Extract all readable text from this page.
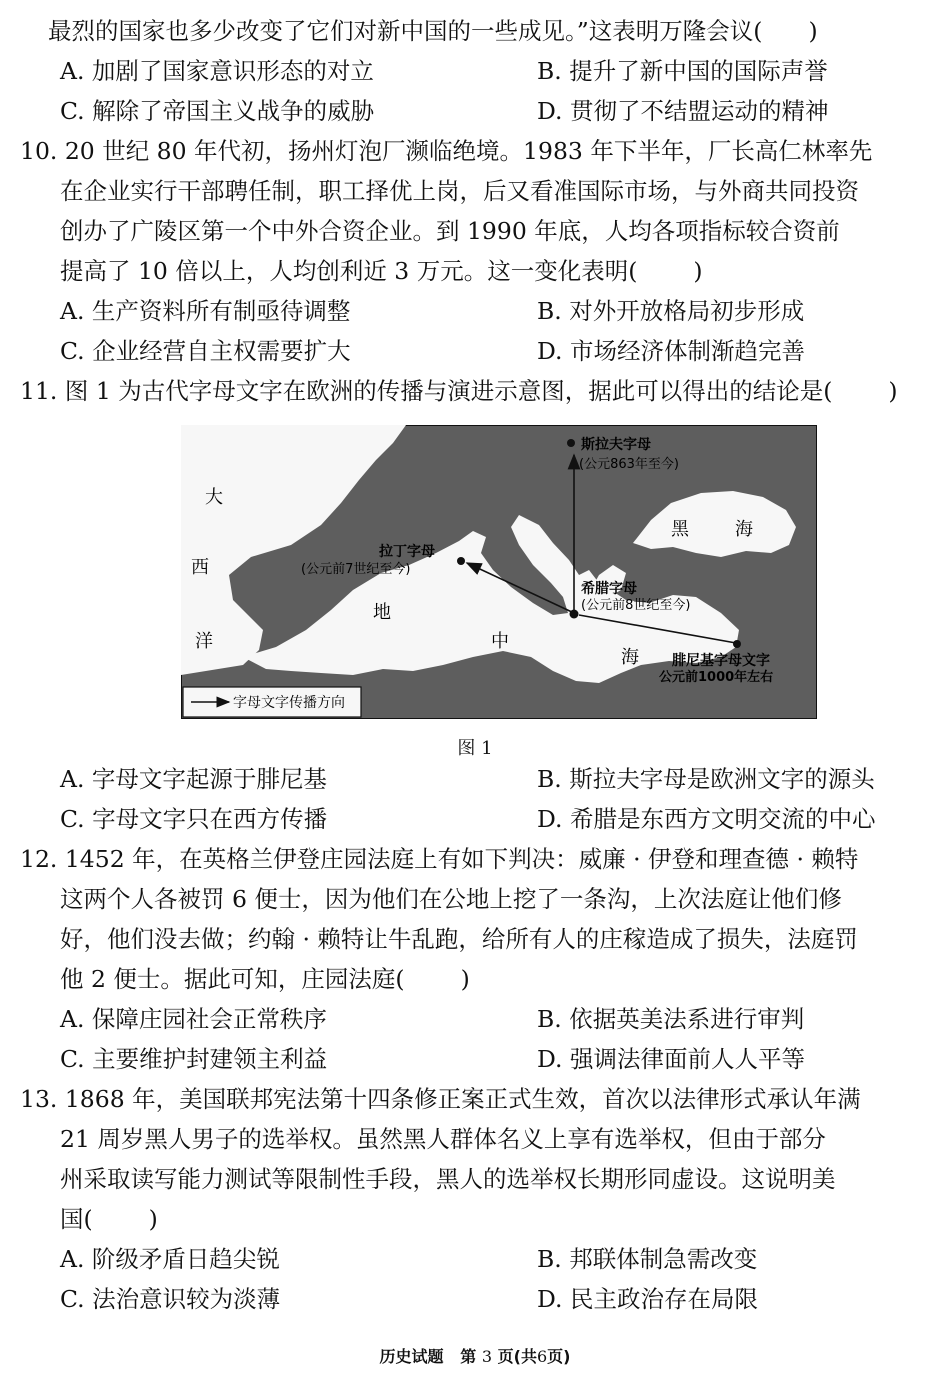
最烈的国家也多少改变了它们对新中国的一些成见。”这表明万隆会议( )
A. 加剧了国家意识形态的对立	B. 提升了新中国的国际声誉
C. 解除了帝国主义战争的威胁	D. 贯彻了不结盟运动的精神
10. 20 世纪 80 年代初，扬州灯泡厂濒临绝境。1983 年下半年，厂长高仁林率先
在企业实行干部聘任制，职工择优上岗，后又看准国际市场，与外商共同投资
创办了广陵区第一个中外合资企业。到 1990 年底，人均各项指标较合资前
提高了 10 倍以上，人均创利近 3 万元。这一变化表明( )
A. 生产资料所有制亟待调整	B. 对外开放格局初步形成
C. 企业经营自主权需要扩大	D. 市场经济体制渐趋完善
11. 图 1 为古代字母文字在欧洲的传播与演进示意图，据此可以得出的结论是( )
大
西
洋
地
中
海
黑	海
斯拉夫字母
(公元863年至今)
拉丁字母
(公元前7世纪至今)
希腊字母
(公元前8世纪至今)
腓尼基字母文字
公元前1000年左右
字母文字传播方向
图 1
A. 字母文字起源于腓尼基	B. 斯拉夫字母是欧洲文字的源头
C. 字母文字只在西方传播	D. 希腊是东西方文明交流的中心
12. 1452 年，在英格兰伊登庄园法庭上有如下判决：威廉 · 伊登和理查德 · 赖特
这两个人各被罚 6 便士，因为他们在公地上挖了一条沟，上次法庭让他们修
好，他们没去做；约翰 · 赖特让牛乱跑，给所有人的庄稼造成了损失，法庭罚
他 2 便士。据此可知，庄园法庭( )
A. 保障庄园社会正常秩序	B. 依据英美法系进行审判
C. 主要维护封建领主利益	D. 强调法律面前人人平等
13. 1868 年，美国联邦宪法第十四条修正案正式生效，首次以法律形式承认年满
21 周岁黑人男子的选举权。虽然黑人群体名义上享有选举权，但由于部分
州采取读写能力测试等限制性手段，黑人的选举权长期形同虚设。这说明美
国( )
A. 阶级矛盾日趋尖锐	B. 邦联体制急需改变
C. 法治意识较为淡薄	D. 民主政治存在局限
历史试题 第 3 页(共6页)
